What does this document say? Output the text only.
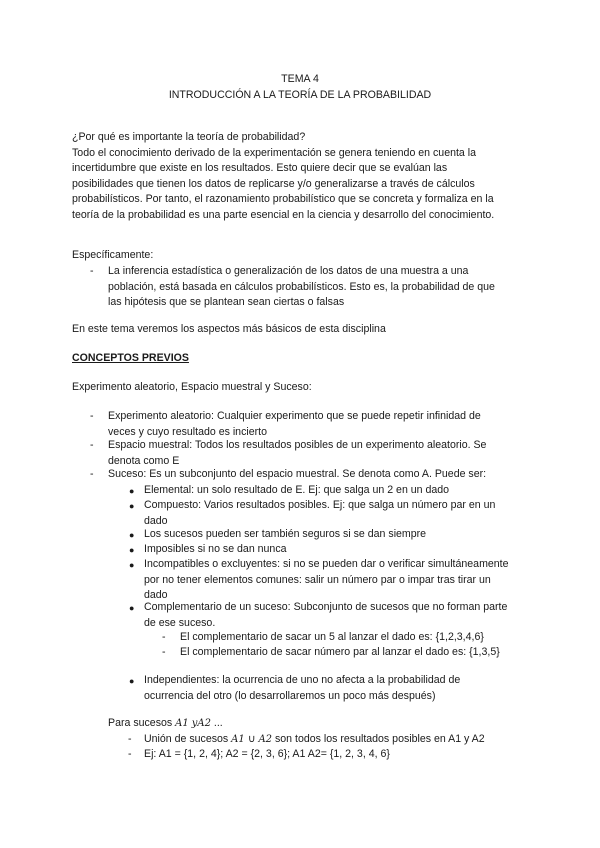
TEMA 4
INTRODUCCIÓN A LA TEORÍA DE LA PROBABILIDAD
¿Por qué es importante la teoría de probabilidad?
Todo el conocimiento derivado de la experimentación se genera teniendo en cuenta la
incertidumbre que existe en los resultados. Esto quiere decir que se evalúan las
posibilidades que tienen los datos de replicarse y/o generalizarse a través de cálculos
probabilísticos. Por tanto, el razonamiento probabilístico que se concreta y formaliza en la
teoría de la probabilidad es una parte esencial en la ciencia y desarrollo del conocimiento.
Específicamente:
- La inferencia estadística o generalización de los datos de una muestra a una
población, está basada en cálculos probabilísticos. Esto es, la probabilidad de que
las hipótesis que se plantean sean ciertas o falsas
En este tema veremos los aspectos más básicos de esta disciplina
CONCEPTOS PREVIOS
Experimento aleatorio, Espacio muestral y Suceso:
- Experimento aleatorio: Cualquier experimento que se puede repetir infinidad de
veces y cuyo resultado es incierto
- Espacio muestral: Todos los resultados posibles de un experimento aleatorio. Se
denota como E
- Suceso: Es un subconjunto del espacio muestral. Se denota como A. Puede ser:
● Elemental: un solo resultado de E. Ej: que salga un 2 en un dado
● Compuesto: Varios resultados posibles. Ej: que salga un número par en un
dado
● Los sucesos pueden ser también seguros si se dan siempre
● Imposibles si no se dan nunca
● Incompatibles o excluyentes: si no se pueden dar o verificar simultáneamente
por no tener elementos comunes: salir un número par o impar tras tirar un
dado
● Complementario de un suceso: Subconjunto de sucesos que no forman parte
de ese suceso.
- El complementario de sacar un 5 al lanzar el dado es: {1,2,3,4,6}
- El complementario de sacar número par al lanzar el dado es: {1,3,5}
● Independientes: la ocurrencia de uno no afecta a la probabilidad de
ocurrencia del otro (lo desarrollaremos un poco más después)
Para sucesos A1 yA2 ...
- Unión de sucesos A1 ∪ A2 son todos los resultados posibles en A1 y A2
- Ej: A1 = {1, 2, 4}; A2 = {2, 3, 6}; A1 A2= {1, 2, 3, 4, 6}
